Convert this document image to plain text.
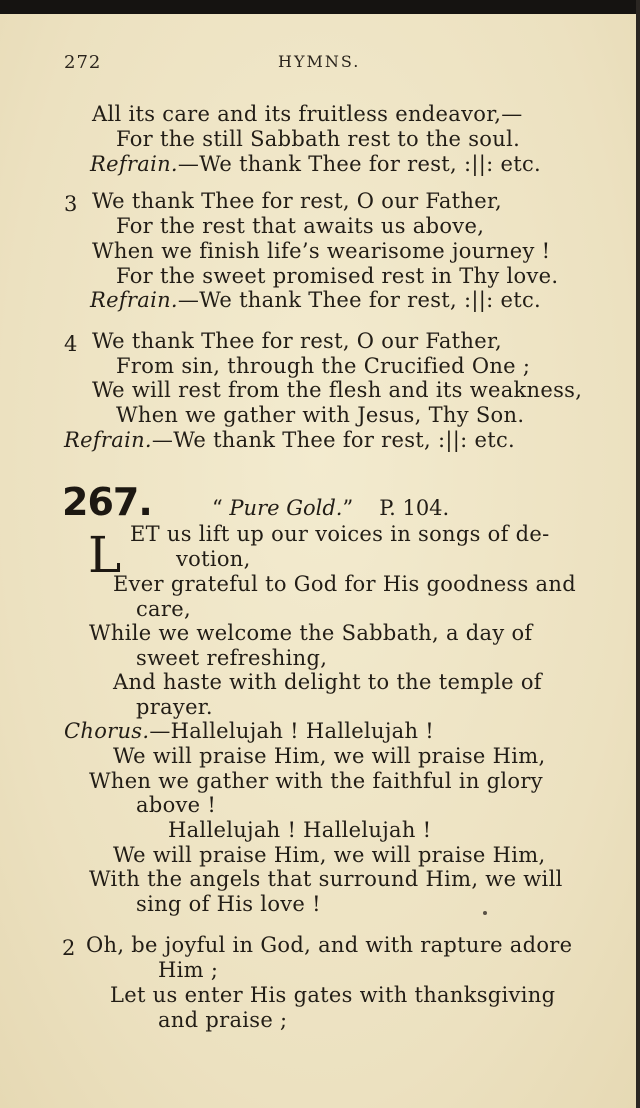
272	HYMNS.
All its care and its fruitless endeavor,—
For the still Sabbath rest to the soul.
Refrain.—We thank Thee for rest, :||: etc.
3 We thank Thee for rest, O our Father,
For the rest that awaits us above,
When we finish life’s wearisome journey !
For the sweet promised rest in Thy love.
Refrain.—We thank Thee for rest, :||: etc.
4 We thank Thee for rest, O our Father,
From sin, through the Crucified One ;
We will rest from the flesh and its weakness,
When we gather with Jesus, Thy Son.
Refrain.—We thank Thee for rest, :||: etc.
267.	“ Pure Gold.” P. 104.
L ET us lift up our voices in songs of de-
votion,
Ever grateful to God for His goodness and
care,
While we welcome the Sabbath, a day of
sweet refreshing,
And haste with delight to the temple of
prayer.
Chorus.—Hallelujah ! Hallelujah !
We will praise Him, we will praise Him,
When we gather with the faithful in glory
above !
Hallelujah ! Hallelujah !
We will praise Him, we will praise Him,
With the angels that surround Him, we will
sing of His love !
2 Oh, be joyful in God, and with rapture adore
Him ;
Let us enter His gates with thanksgiving
and praise ;
